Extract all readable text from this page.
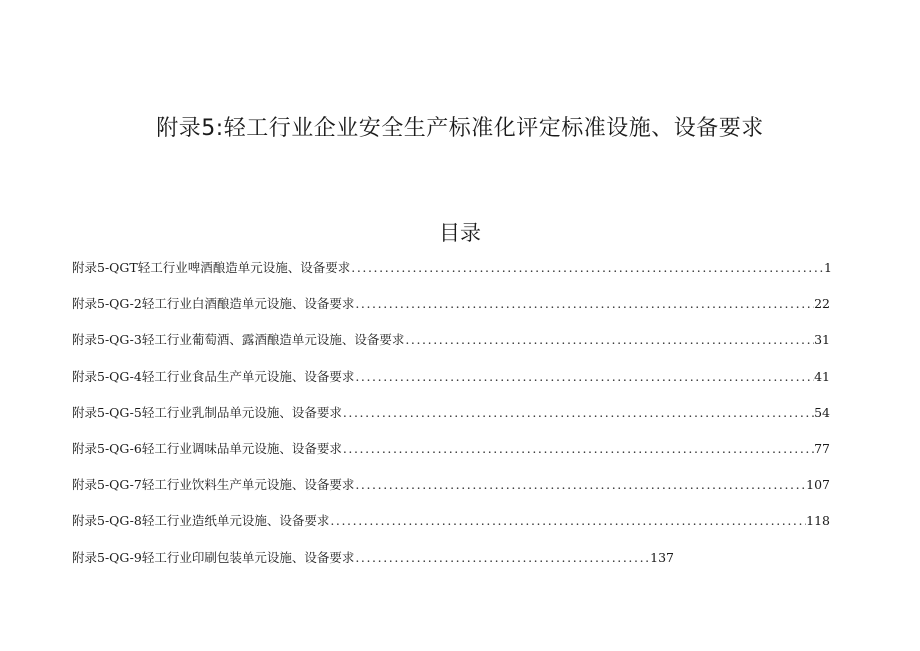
附录5:轻工行业企业安全生产标准化评定标准设施、设备要求
目录
附录5-QGT轻工行业啤酒酿造单元设施、设备要求 .....	1
附录5-QG-2轻工行业白酒酿造单元设施、设备要求 .....	22
附录5-QG-3轻工行业葡萄酒、露酒酿造单元设施、设备要求 .....	31
附录5-QG-4轻工行业食品生产单元设施、设备要求 .....	41
附录5-QG-5轻工行业乳制品单元设施、设备要求 .....	54
附录5-QG-6轻工行业调味品单元设施、设备要求 .....	77
附录5-QG-7轻工行业饮料生产单元设施、设备要求 .....	107
附录5-QG-8轻工行业造纸单元设施、设备要求 .....	118
附录5-QG-9轻工行业印刷包装单元设施、设备要求 .....	137
